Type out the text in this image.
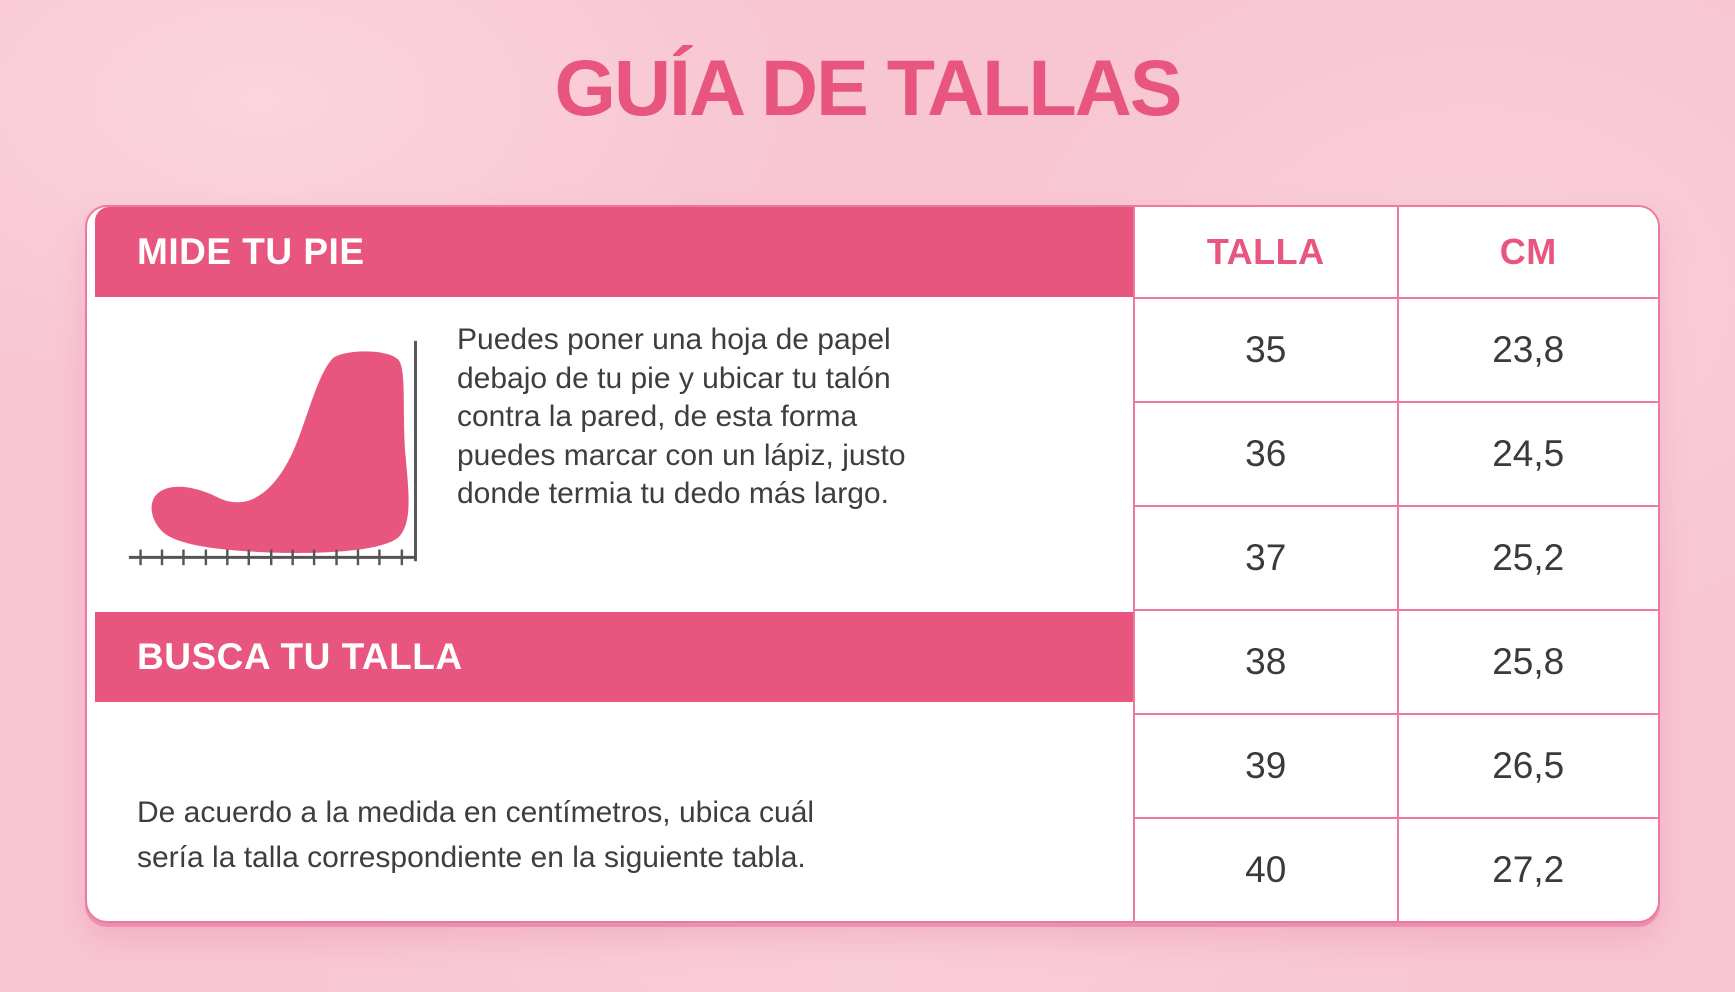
GUÍA DE TALLAS
MIDE TU PIE
Puedes poner una hoja de papel
debajo de tu pie y ubicar tu talón
contra la pared, de esta forma
puedes marcar con un lápiz, justo
donde termia tu dedo más largo.
BUSCA TU TALLA
De acuerdo a la medida en centímetros, ubica cuál
sería la talla correspondiente en la siguiente tabla.
TALLA	CM
35	23,8
36	24,5
37	25,2
38	25,8
39	26,5
40	27,2
